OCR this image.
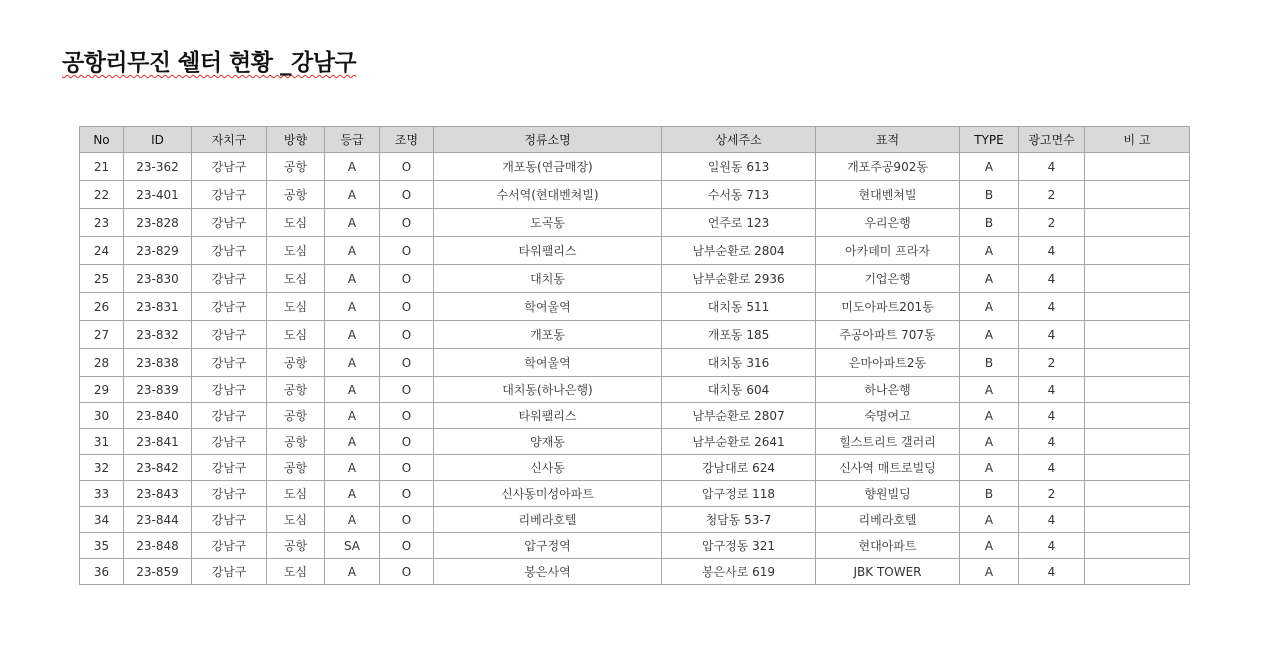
공항리무진 쉘터 현황 _강남구
No	ID	자치구	방향	등급	조명	정류소명	상세주소	표적	TYPE	광고면수	비 고
21	23-362	강남구	공항	A	O	개포동(연금매장)	일원동 613	개포주공902동	A	4	
22	23-401	강남구	공항	A	O	수서역(현대벤쳐빌)	수서동 713	현대벤쳐빌	B	2	
23	23-828	강남구	도심	A	O	도곡동	언주로 123	우리은행	B	2	
24	23-829	강남구	도심	A	O	타워팰리스	남부순환로 2804	아카데미 프라자	A	4	
25	23-830	강남구	도심	A	O	대치동	남부순환로 2936	기업은행	A	4	
26	23-831	강남구	도심	A	O	학여울역	대치동 511	미도아파트201동	A	4	
27	23-832	강남구	도심	A	O	개포동	개포동 185	주공아파트 707동	A	4	
28	23-838	강남구	공항	A	O	학여울역	대치동 316	은마아파트2동	B	2	
29	23-839	강남구	공항	A	O	대치동(하나은행)	대치동 604	하나은행	A	4	
30	23-840	강남구	공항	A	O	타워팰리스	남부순환로 2807	숙명여고	A	4	
31	23-841	강남구	공항	A	O	양재동	남부순환로 2641	힐스트리트 갤러리	A	4	
32	23-842	강남구	공항	A	O	신사동	강남대로 624	신사역 매트로빌딩	A	4	
33	23-843	강남구	도심	A	O	신사동미성아파트	압구정로 118	향원빌딩	B	2	
34	23-844	강남구	도심	A	O	리베라호텔	청담동 53-7	리베라호텔	A	4	
35	23-848	강남구	공항	SA	O	압구정역	압구정동 321	현대아파트	A	4	
36	23-859	강남구	도심	A	O	봉은사역	봉은사로 619	JBK TOWER	A	4	
